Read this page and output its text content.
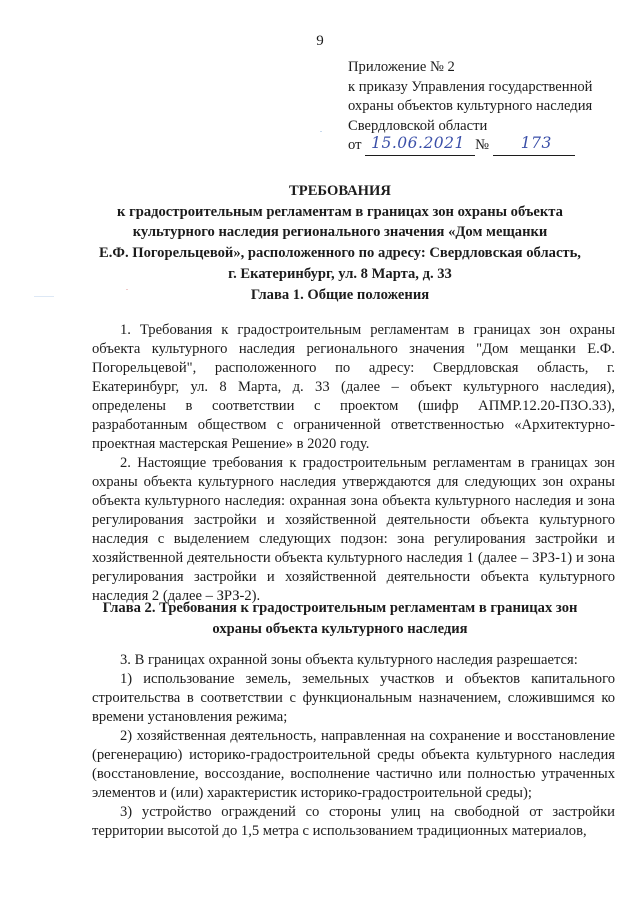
9
Приложение № 2
к приказу Управления государственной
охраны объектов культурного наследия
Свердловской области
от 15.06.2021 № 173
ТРЕБОВАНИЯ
к градостроительным регламентам в границах зон охраны объекта
культурного наследия регионального значения «Дом мещанки
Е.Ф. Погорельцевой», расположенного по адресу: Свердловская область,
г. Екатеринбург, ул. 8 Марта, д. 33
Глава 1. Общие положения

1. Требования к градостроительным регламентам в границах зон охраны объекта культурного наследия регионального значения "Дом мещанки Е.Ф. Погорельцевой", расположенного по адресу: Свердловская область, г. Екатеринбург, ул. 8 Марта, д. 33 (далее – объект культурного наследия), определены в соответствии с проектом (шифр АПМР.12.20-ПЗО.33), разработанным обществом с ограниченной ответственностью «Архитектурно-проектная мастерская Решение» в 2020 году.

2. Настоящие требования к градостроительным регламентам в границах зон охраны объекта культурного наследия утверждаются для следующих зон охраны объекта культурного наследия: охранная зона объекта культурного наследия и зона регулирования застройки и хозяйственной деятельности объекта культурного наследия с выделением следующих подзон: зона регулирования застройки и хозяйственной деятельности объекта культурного наследия 1 (далее – ЗРЗ-1) и зона регулирования застройки и хозяйственной деятельности объекта культурного наследия 2 (далее – ЗРЗ-2).

Глава 2. Требования к градостроительным регламентам в границах зон
охраны объекта культурного наследия

3. В границах охранной зоны объекта культурного наследия разрешается:

1) использование земель, земельных участков и объектов капитального строительства в соответствии с функциональным назначением, сложившимся ко времени установления режима;

2) хозяйственная деятельность, направленная на сохранение и восстановление (регенерацию) историко-градостроительной среды объекта культурного наследия (восстановление, воссоздание, восполнение частично или полностью утраченных элементов и (или) характеристик историко-градостроительной среды);

3) устройство ограждений со стороны улиц на свободной от застройки территории высотой до 1,5 метра с использованием традиционных материалов,
